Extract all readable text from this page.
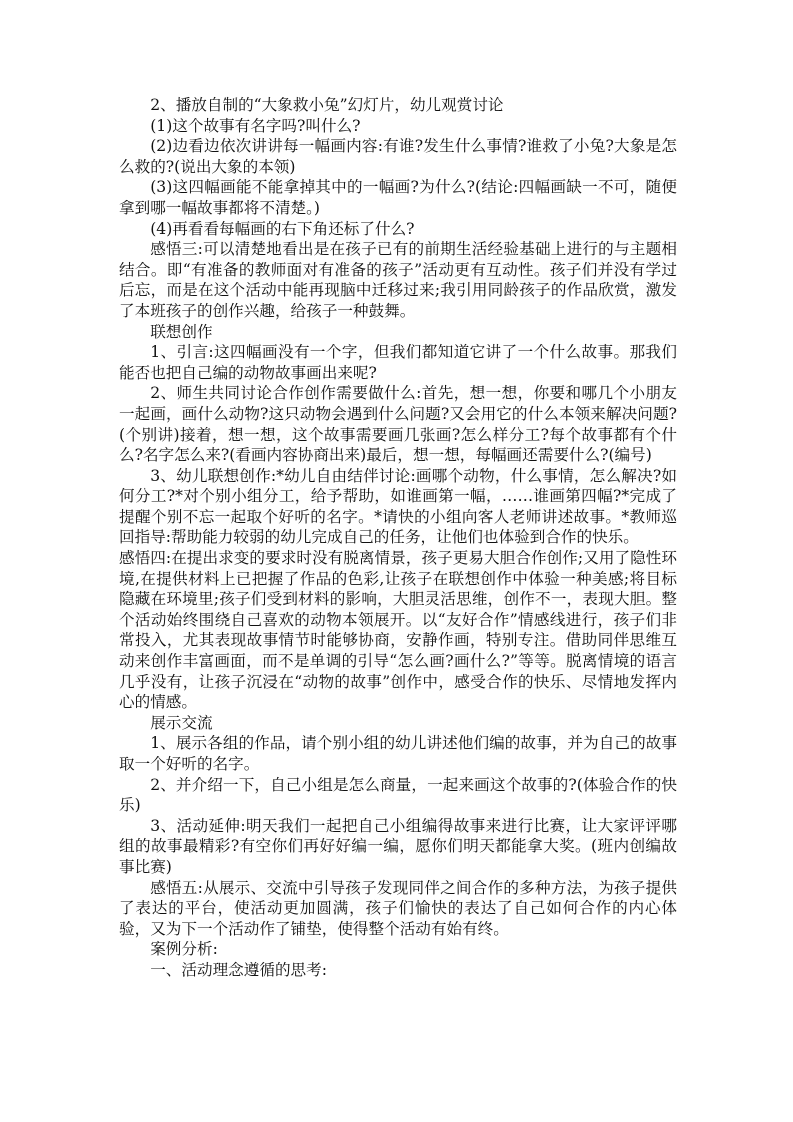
2、播放自制的“大象救小兔”幻灯片，幼儿观赏讨论

(1)这个故事有名字吗?叫什么?

(2)边看边依次讲讲每一幅画内容:有谁?发生什么事情?谁救了小兔?大象是怎么救的?(说出大象的本领)

(3)这四幅画能不能拿掉其中的一幅画?为什么?(结论:四幅画缺一不可，随便拿到哪一幅故事都将不清楚。)

(4)再看看每幅画的右下角还标了什么?

感悟三:可以清楚地看出是在孩子已有的前期生活经验基础上进行的与主题相结合。即“有准备的教师面对有准备的孩子”活动更有互动性。孩子们并没有学过后忘，而是在这个活动中能再现脑中迁移过来;我引用同龄孩子的作品欣赏，激发了本班孩子的创作兴趣，给孩子一种鼓舞。

联想创作

1、引言:这四幅画没有一个字，但我们都知道它讲了一个什么故事。那我们能否也把自己编的动物故事画出来呢?

2、师生共同讨论合作创作需要做什么:首先，想一想，你要和哪几个小朋友一起画，画什么动物?这只动物会遇到什么问题?又会用它的什么本领来解决问题?(个别讲)接着，想一想，这个故事需要画几张画?怎么样分工?每个故事都有个什么?名字怎么来?(看画内容协商出来)最后，想一想，每幅画还需要什么?(编号)

3、幼儿联想创作:*幼儿自由结伴讨论:画哪个动物，什么事情，怎么解决?如何分工?*对个别小组分工，给予帮助，如谁画第一幅，……谁画第四幅?*完成了提醒个别不忘一起取个好听的名字。*请快的小组向客人老师讲述故事。*教师巡回指导:帮助能力较弱的幼儿完成自己的任务，让他们也体验到合作的快乐。

感悟四:在提出求变的要求时没有脱离情景，孩子更易大胆合作创作;又用了隐性环境,在提供材料上已把握了作品的色彩,让孩子在联想创作中体验一种美感;将目标隐藏在环境里;孩子们受到材料的影响，大胆灵活思维，创作不一，表现大胆。整个活动始终围绕自己喜欢的动物本领展开。以“友好合作”情感线进行，孩子们非常投入，尤其表现故事情节时能够协商，安静作画，特别专注。借助同伴思维互动来创作丰富画面，而不是单调的引导“怎么画?画什么?”等等。脱离情境的语言几乎没有，让孩子沉浸在“动物的故事”创作中，感受合作的快乐、尽情地发挥内心的情感。

展示交流

1、展示各组的作品，请个别小组的幼儿讲述他们编的故事，并为自己的故事取一个好听的名字。

2、并介绍一下，自己小组是怎么商量，一起来画这个故事的?(体验合作的快乐)

3、活动延伸:明天我们一起把自己小组编得故事来进行比赛，让大家评评哪组的故事最精彩?有空你们再好好编一编，愿你们明天都能拿大奖。(班内创编故事比赛)

感悟五:从展示、交流中引导孩子发现同伴之间合作的多种方法，为孩子提供了表达的平台，使活动更加圆满，孩子们愉快的表达了自己如何合作的内心体验，又为下一个活动作了铺垫，使得整个活动有始有终。

案例分析:

一、活动理念遵循的思考:
